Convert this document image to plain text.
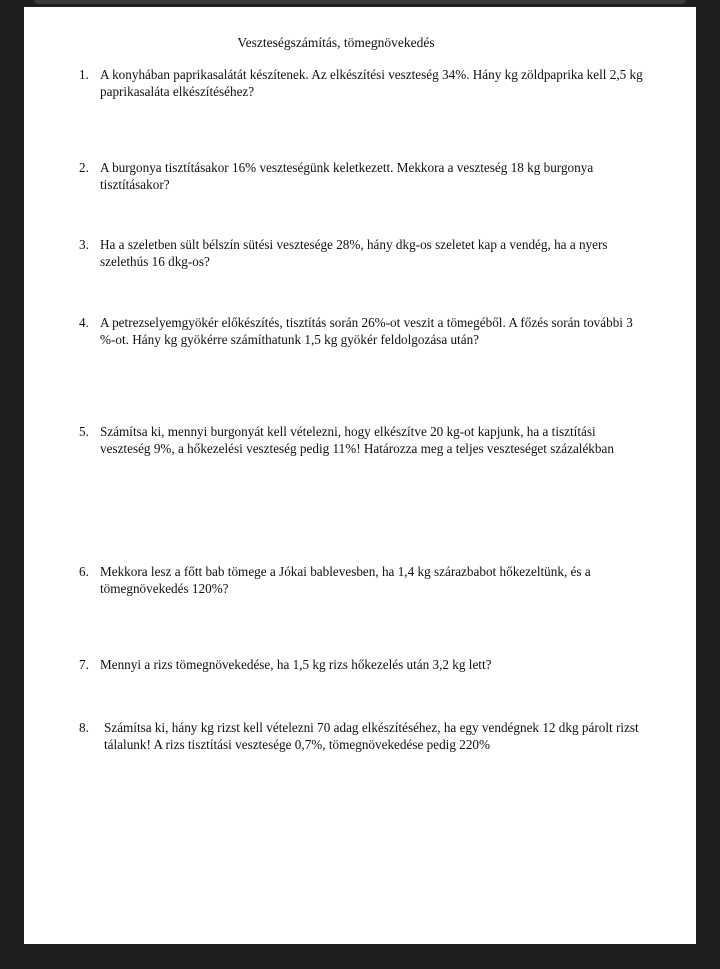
Veszteségszámítás, tömegnövekedés
1. A konyhában paprikasalátát készítenek. Az elkészítési veszteség 34%. Hány kg zöldpaprika kell 2,5 kg paprikasaláta elkészítéséhez?
2. A burgonya tisztításakor 16% veszteségünk keletkezett. Mekkora a veszteség 18 kg burgonya tisztításakor?
3. Ha a szeletben sült bélszín sütési vesztesége 28%, hány dkg-os szeletet kap a vendég, ha a nyers szelethús 16 dkg-os?
4. A petrezselyemgyökér előkészítés, tisztítás során 26%-ot veszit a tömegéből. A főzés során további 3 %-ot. Hány kg gyökérre számíthatunk 1,5 kg gyökér feldolgozása után?
5. Számítsa ki, mennyi burgonyát kell vételezni, hogy elkészítve 20 kg-ot kapjunk, ha a tisztítási veszteség 9%, a hőkezelési veszteség pedig 11%! Határozza meg a teljes veszteséget százalékban
6. Mekkora lesz a főtt bab tömege a Jókai bablevesben, ha 1,4 kg szárazbabot hőkezeltünk, és a tömegnövekedés 120%?
7. Mennyi a rizs tömegnövekedése, ha 1,5 kg rizs hőkezelés után 3,2 kg lett?
8. Számítsa ki, hány kg rizst kell vételezni 70 adag elkészítéséhez, ha egy vendégnek 12 dkg párolt rizst tálalunk! A rizs tisztítási vesztesége 0,7%, tömegnövekedése pedig 220%
